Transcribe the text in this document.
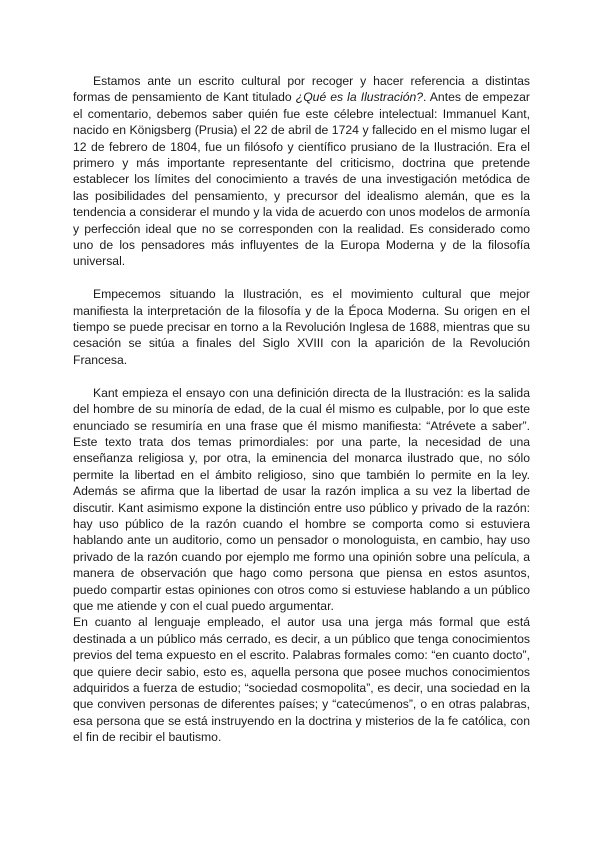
Estamos ante un escrito cultural por recoger y hacer referencia a distintas formas de pensamiento de Kant titulado ¿Qué es la Ilustración?. Antes de empezar el comentario, debemos saber quién fue este célebre intelectual: Immanuel Kant, nacido en Königsberg (Prusia) el 22 de abril de 1724 y fallecido en el mismo lugar el 12 de febrero de 1804, fue un filósofo y científico prusiano de la Ilustración. Era el primero y más importante representante del criticismo, doctrina que pretende establecer los límites del conocimiento a través de una investigación metódica de las posibilidades del pensamiento, y precursor del idealismo alemán, que es la tendencia a considerar el mundo y la vida de acuerdo con unos modelos de armonía y perfección ideal que no se corresponden con la realidad. Es considerado como uno de los pensadores más influyentes de la Europa Moderna y de la filosofía universal.

Empecemos situando la Ilustración, es el movimiento cultural que mejor manifiesta la interpretación de la filosofía y de la Época Moderna. Su origen en el tiempo se puede precisar en torno a la Revolución Inglesa de 1688, mientras que su cesación se sitúa a finales del Siglo XVIII con la aparición de la Revolución Francesa.

Kant empieza el ensayo con una definición directa de la Ilustración: es la salida del hombre de su minoría de edad, de la cual él mismo es culpable, por lo que este enunciado se resumiría en una frase que él mismo manifiesta: “Atrévete a saber”. Este texto trata dos temas primordiales: por una parte, la necesidad de una enseñanza religiosa y, por otra, la eminencia del monarca ilustrado que, no sólo permite la libertad en el ámbito religioso, sino que también lo permite en la ley. Además se afirma que la libertad de usar la razón implica a su vez la libertad de discutir. Kant asimismo expone la distinción entre uso público y privado de la razón: hay uso público de la razón cuando el hombre se comporta como si estuviera hablando ante un auditorio, como un pensador o monologuista, en cambio, hay uso privado de la razón cuando por ejemplo me formo una opinión sobre una película, a manera de observación que hago como persona que piensa en estos asuntos, puedo compartir estas opiniones con otros como si estuviese hablando a un público que me atiende y con el cual puedo argumentar.

En cuanto al lenguaje empleado, el autor usa una jerga más formal que está destinada a un público más cerrado, es decir, a un público que tenga conocimientos previos del tema expuesto en el escrito. Palabras formales como: “en cuanto docto”, que quiere decir sabio, esto es, aquella persona que posee muchos conocimientos adquiridos a fuerza de estudio; “sociedad cosmopolita”, es decir, una sociedad en la que conviven personas de diferentes países; y “catecúmenos”, o en otras palabras, esa persona que se está instruyendo en la doctrina y misterios de la fe católica, con el fin de recibir el bautismo.
